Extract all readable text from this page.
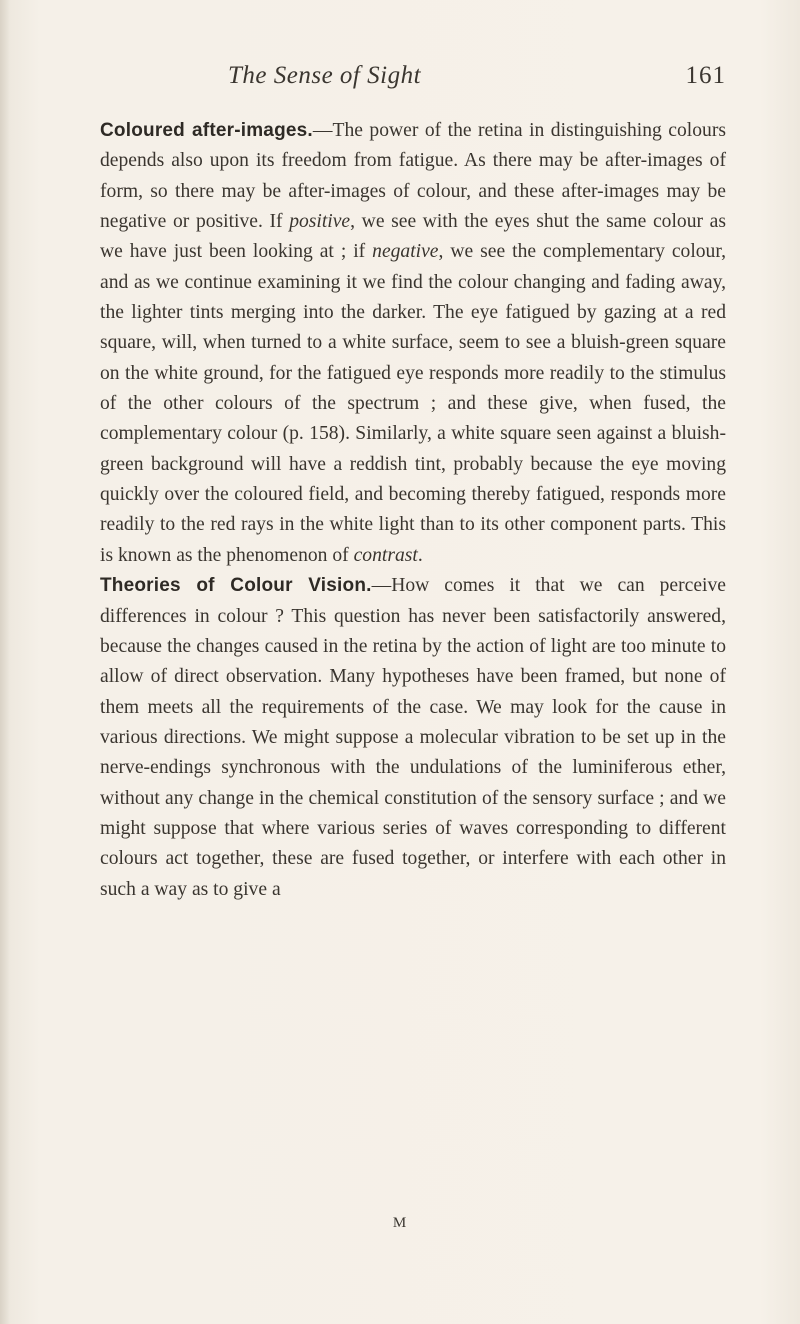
The Sense of Sight	161

Coloured after-images.—The power of the retina in distinguishing colours depends also upon its freedom from fatigue. As there may be after-images of form, so there may be after-images of colour, and these after-images may be negative or positive. If positive, we see with the eyes shut the same colour as we have just been looking at ; if negative, we see the complementary colour, and as we continue examining it we find the colour changing and fading away, the lighter tints merging into the darker. The eye fatigued by gazing at a red square, will, when turned to a white surface, seem to see a bluish-green square on the white ground, for the fatigued eye responds more readily to the stimulus of the other colours of the spectrum ; and these give, when fused, the complementary colour (p. 158). Similarly, a white square seen against a bluish-green background will have a reddish tint, probably because the eye moving quickly over the coloured field, and becoming thereby fatigued, responds more readily to the red rays in the white light than to its other component parts. This is known as the phenomenon of contrast.

Theories of Colour Vision.—How comes it that we can perceive differences in colour ? This question has never been satisfactorily answered, because the changes caused in the retina by the action of light are too minute to allow of direct observation. Many hypotheses have been framed, but none of them meets all the requirements of the case. We may look for the cause in various directions. We might suppose a molecular vibration to be set up in the nerve-endings synchronous with the undulations of the luminiferous ether, without any change in the chemical constitution of the sensory surface ; and we might suppose that where various series of waves corresponding to different colours act together, these are fused together, or interfere with each other in such a way as to give a

M
